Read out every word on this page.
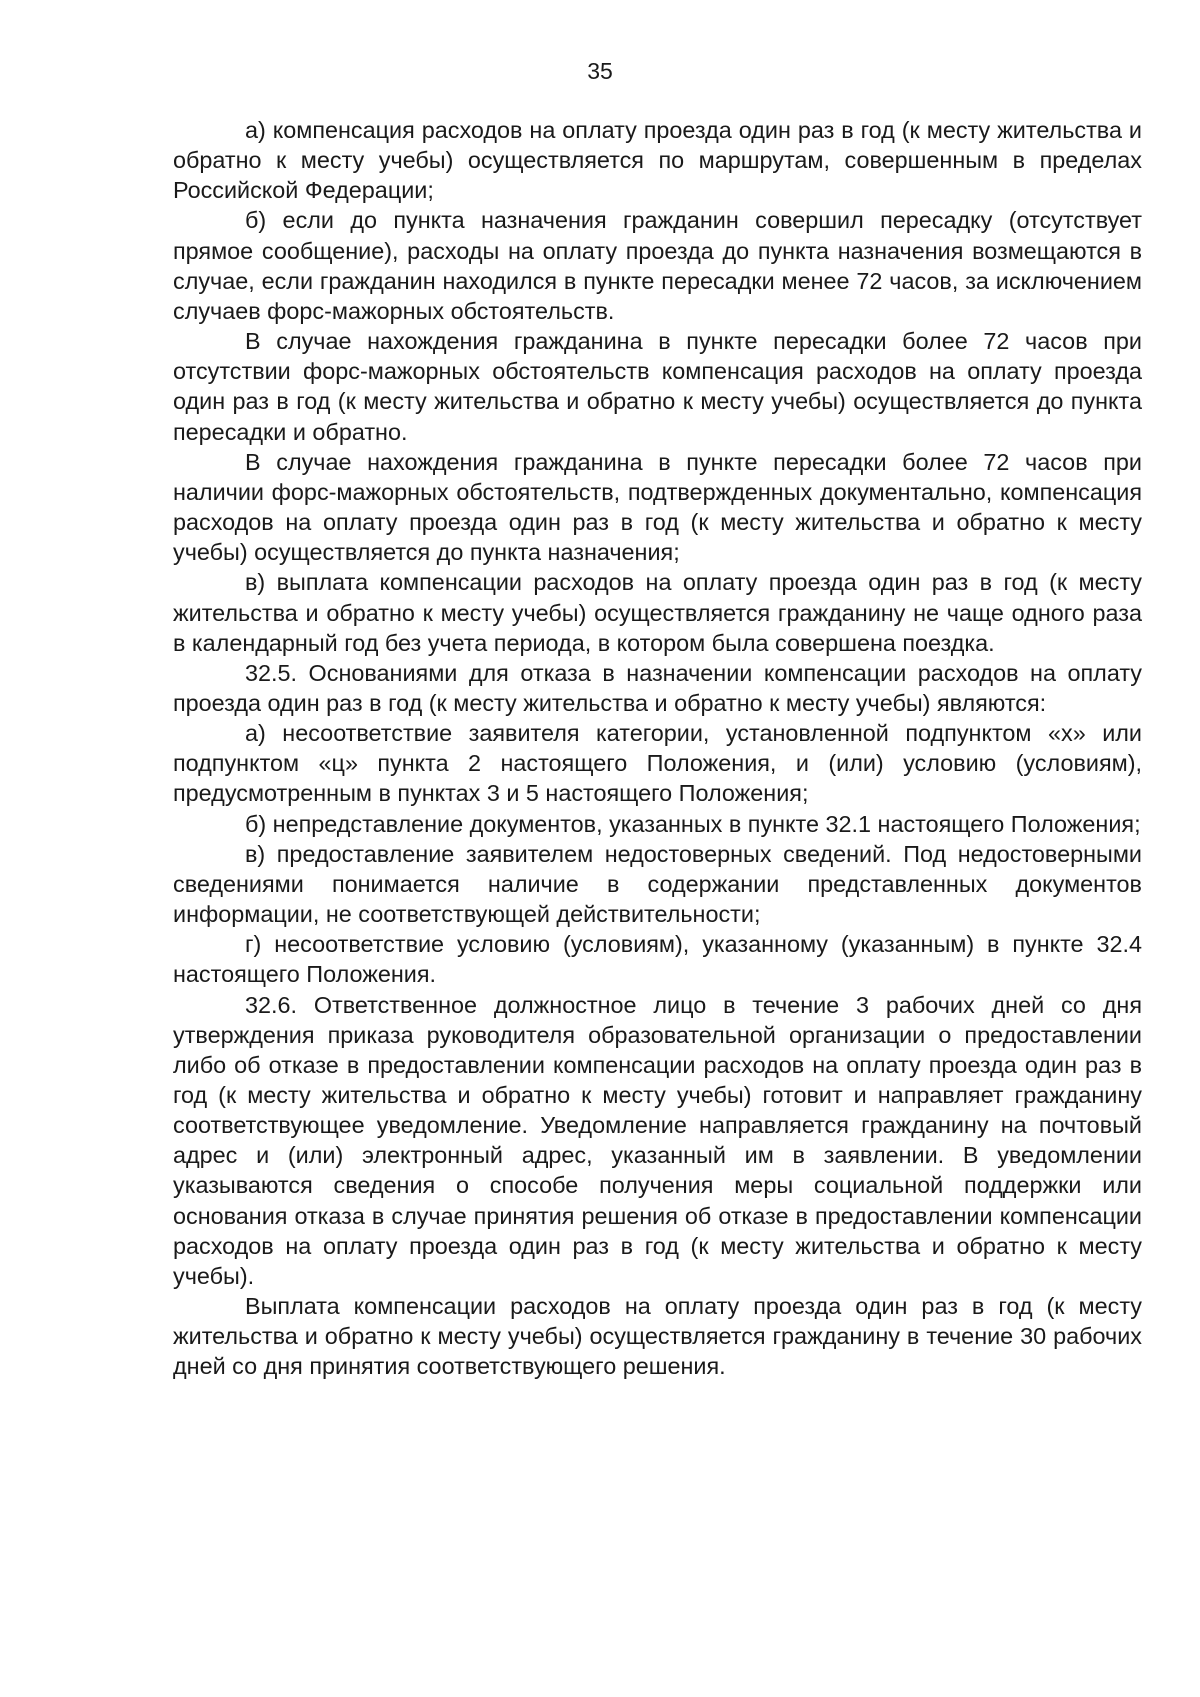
35

а) компенсация расходов на оплату проезда один раз в год (к месту жительства и обратно к месту учебы) осуществляется по маршрутам, совершенным в пределах Российской Федерации;

б) если до пункта назначения гражданин совершил пересадку (отсутствует прямое сообщение), расходы на оплату проезда до пункта назначения возмещаются в случае, если гражданин находился в пункте пересадки менее 72 часов, за исключением случаев форс-мажорных обстоятельств.

В случае нахождения гражданина в пункте пересадки более 72 часов при отсутствии форс-мажорных обстоятельств компенсация расходов на оплату проезда один раз в год (к месту жительства и обратно к месту учебы) осуществляется до пункта пересадки и обратно.

В случае нахождения гражданина в пункте пересадки более 72 часов при наличии форс-мажорных обстоятельств, подтвержденных документально, компенсация расходов на оплату проезда один раз в год (к месту жительства и обратно к месту учебы) осуществляется до пункта назначения;

в) выплата компенсации расходов на оплату проезда один раз в год (к месту жительства и обратно к месту учебы) осуществляется гражданину не чаще одного раза в календарный год без учета периода, в котором была совершена поездка.

32.5. Основаниями для отказа в назначении компенсации расходов на оплату проезда один раз в год (к месту жительства и обратно к месту учебы) являются:

а) несоответствие заявителя категории, установленной подпунктом «х» или подпунктом «ц» пункта 2 настоящего Положения, и (или) условию (условиям), предусмотренным в пунктах 3 и 5 настоящего Положения;

б) непредставление документов, указанных в пункте 32.1 настоящего Положения;

в) предоставление заявителем недостоверных сведений. Под недостоверными сведениями понимается наличие в содержании представленных документов информации, не соответствующей действительности;

г) несоответствие условию (условиям), указанному (указанным) в пункте 32.4 настоящего Положения.

32.6. Ответственное должностное лицо в течение 3 рабочих дней со дня утверждения приказа руководителя образовательной организации о предоставлении либо об отказе в предоставлении компенсации расходов на оплату проезда один раз в год (к месту жительства и обратно к месту учебы) готовит и направляет гражданину соответствующее уведомление. Уведомление направляется гражданину на почтовый адрес и (или) электронный адрес, указанный им в заявлении. В уведомлении указываются сведения о способе получения меры социальной поддержки или основания отказа в случае принятия решения об отказе в предоставлении компенсации расходов на оплату проезда один раз в год (к месту жительства и обратно к месту учебы).

Выплата компенсации расходов на оплату проезда один раз в год (к месту жительства и обратно к месту учебы) осуществляется гражданину в течение 30 рабочих дней со дня принятия соответствующего решения.
